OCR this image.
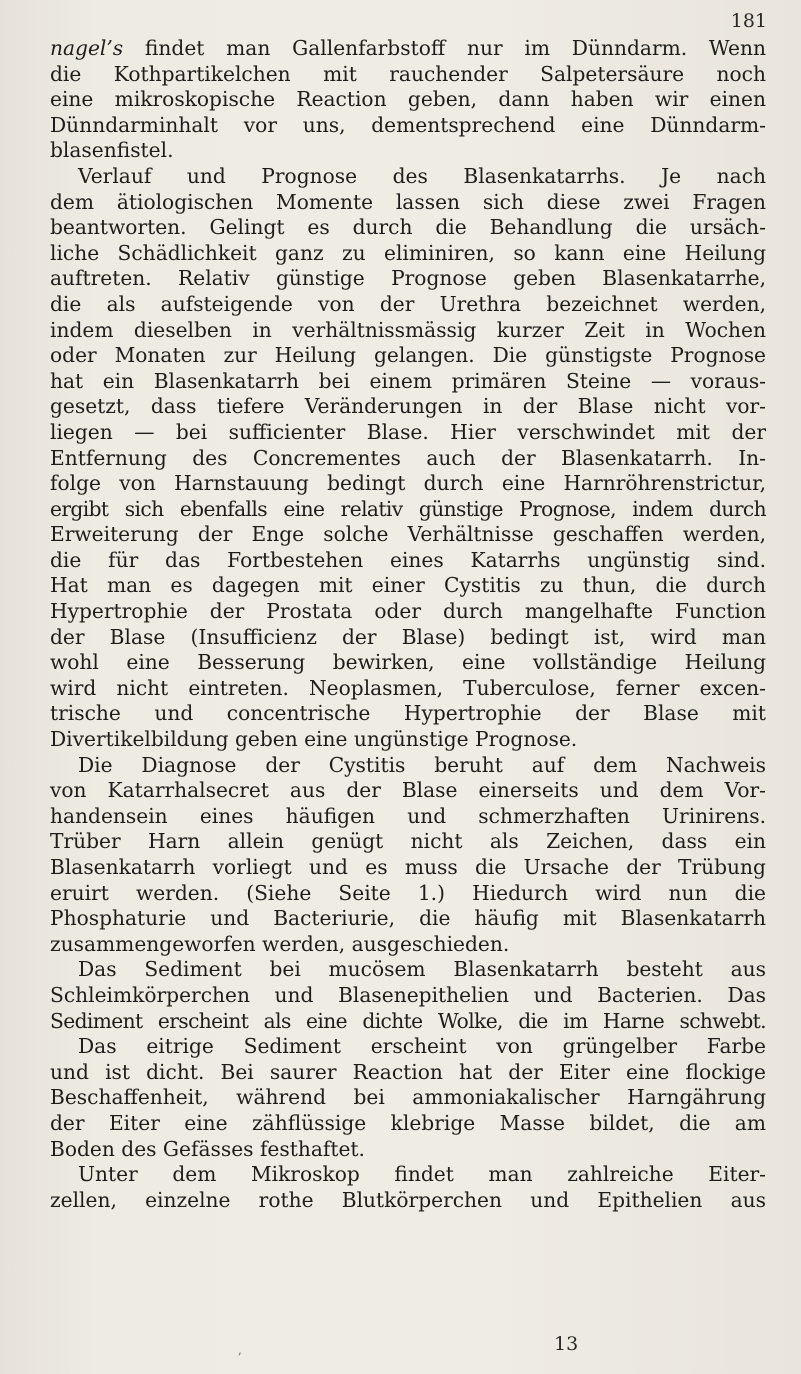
181
nagel’s findet man Gallenfarbstoff nur im Dünndarm. Wenn
die Kothpartikelchen mit rauchender Salpetersäure noch
eine mikroskopische Reaction geben, dann haben wir einen
Dünndarminhalt vor uns, dementsprechend eine Dünndarm-
blasenfistel.
Verlauf und Prognose des Blasenkatarrhs. Je nach
dem ätiologischen Momente lassen sich diese zwei Fragen
beantworten. Gelingt es durch die Behandlung die ursäch-
liche Schädlichkeit ganz zu eliminiren, so kann eine Heilung
auftreten. Relativ günstige Prognose geben Blasenkatarrhe,
die als aufsteigende von der Urethra bezeichnet werden,
indem dieselben in verhältnissmässig kurzer Zeit in Wochen
oder Monaten zur Heilung gelangen. Die günstigste Prognose
hat ein Blasenkatarrh bei einem primären Steine — voraus-
gesetzt, dass tiefere Veränderungen in der Blase nicht vor-
liegen — bei sufficienter Blase. Hier verschwindet mit der
Entfernung des Concrementes auch der Blasenkatarrh. In-
folge von Harnstauung bedingt durch eine Harnröhrenstrictur,
ergibt sich ebenfalls eine relativ günstige Prognose, indem durch
Erweiterung der Enge solche Verhältnisse geschaffen werden,
die für das Fortbestehen eines Katarrhs ungünstig sind.
Hat man es dagegen mit einer Cystitis zu thun, die durch
Hypertrophie der Prostata oder durch mangelhafte Function
der Blase (Insufficienz der Blase) bedingt ist, wird man
wohl eine Besserung bewirken, eine vollständige Heilung
wird nicht eintreten. Neoplasmen, Tuberculose, ferner excen-
trische und concentrische Hypertrophie der Blase mit
Divertikelbildung geben eine ungünstige Prognose.
Die Diagnose der Cystitis beruht auf dem Nachweis
von Katarrhalsecret aus der Blase einerseits und dem Vor-
handensein eines häufigen und schmerzhaften Urinirens.
Trüber Harn allein genügt nicht als Zeichen, dass ein
Blasenkatarrh vorliegt und es muss die Ursache der Trübung
eruirt werden. (Siehe Seite 1.) Hiedurch wird nun die
Phosphaturie und Bacteriurie, die häufig mit Blasenkatarrh
zusammengeworfen werden, ausgeschieden.
Das Sediment bei mucösem Blasenkatarrh besteht aus
Schleimkörperchen und Blasenepithelien und Bacterien. Das
Sediment erscheint als eine dichte Wolke, die im Harne schwebt.
Das eitrige Sediment erscheint von grüngelber Farbe
und ist dicht. Bei saurer Reaction hat der Eiter eine flockige
Beschaffenheit, während bei ammoniakalischer Harngährung
der Eiter eine zähflüssige klebrige Masse bildet, die am
Boden des Gefässes festhaftet.
Unter dem Mikroskop findet man zahlreiche Eiter-
zellen, einzelne rothe Blutkörperchen und Epithelien aus
,	13
